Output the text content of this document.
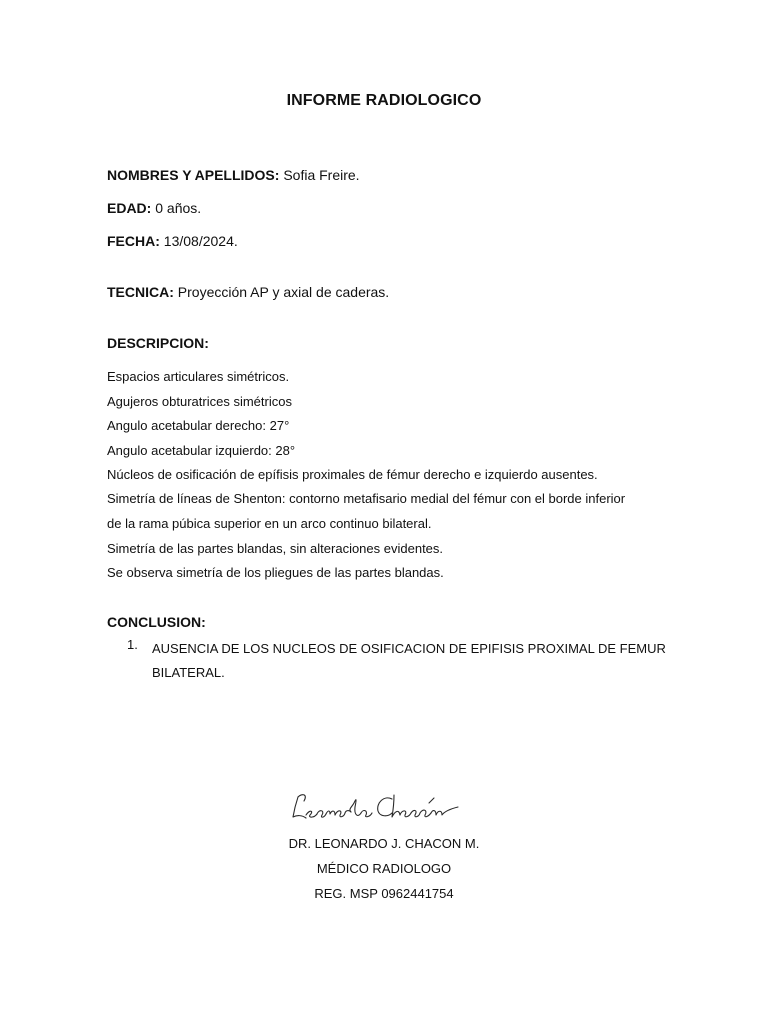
INFORME RADIOLOGICO
NOMBRES Y APELLIDOS: Sofia Freire.
EDAD: 0 años.
FECHA: 13/08/2024.
TECNICA: Proyección AP y axial de caderas.
DESCRIPCION:
Espacios articulares simétricos.
Agujeros obturatrices simétricos
Angulo acetabular derecho: 27°
Angulo acetabular izquierdo: 28°
Núcleos de osificación de epífisis proximales de fémur derecho e izquierdo ausentes.
Simetría de líneas de Shenton: contorno metafisario medial del fémur con el borde inferior
de la rama púbica superior en un arco continuo bilateral.
Simetría de las partes blandas, sin alteraciones evidentes.
Se observa simetría de los pliegues de las partes blandas.
CONCLUSION:
1. AUSENCIA DE LOS NUCLEOS DE OSIFICACION DE EPIFISIS PROXIMAL DE FEMUR BILATERAL.
DR. LEONARDO J. CHACON M.
MÉDICO RADIOLOGO
REG. MSP 0962441754
